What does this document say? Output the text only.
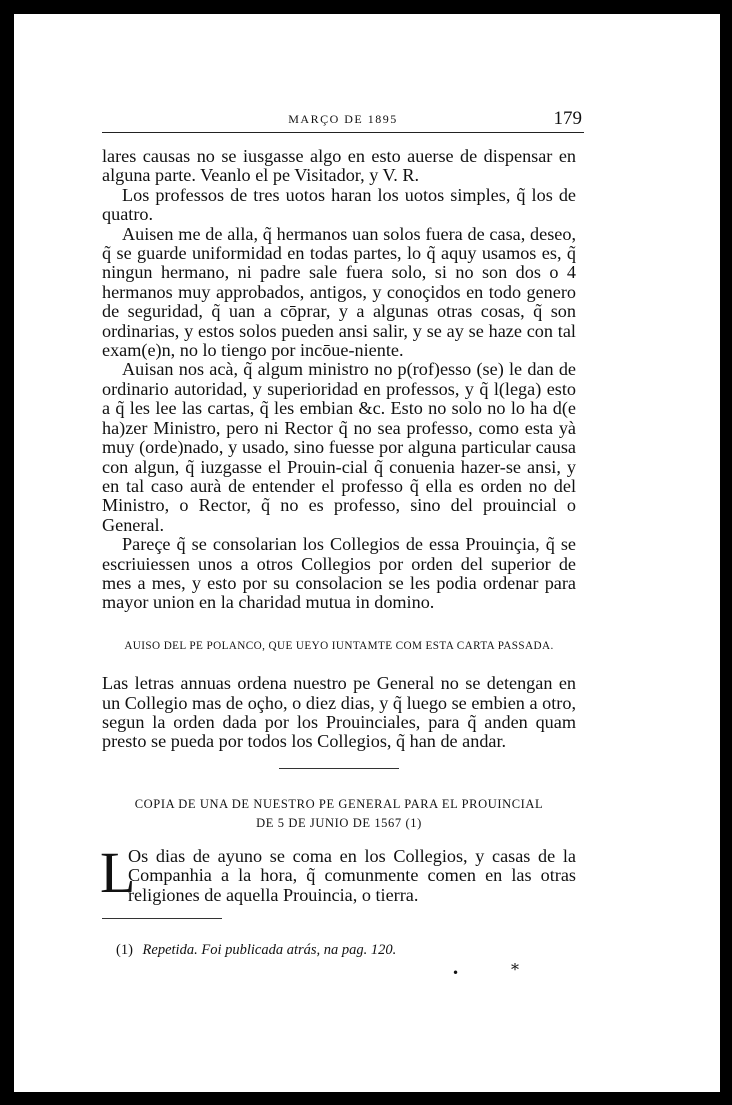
MARÇO DE 1895	179

lares causas no se iusgasse algo en esto auerse de dispensar en alguna parte. Veanlo el pe Visitador, y V. R.

Los professos de tres uotos haran los uotos simples, q̃ los de quatro.

Auisen me de alla, q̃ hermanos uan solos fuera de casa, deseo, q̃ se guarde uniformidad en todas partes, lo q̃ aquy usamos es, q̃ ningun hermano, ni padre sale fuera solo, si no son dos o 4 hermanos muy approbados, antigos, y conoçidos en todo genero de seguridad, q̃ uan a cōprar, y a algunas otras cosas, q̃ son ordinarias, y estos solos pueden ansi salir, y se ay se haze con tal exam(e)n, no lo tiengo por incōue-niente.

Auisan nos acà, q̃ algum ministro no p(rof)esso (se) le dan de ordinario autoridad, y superioridad en professos, y q̃ l(lega) esto a q̃ les lee las cartas, q̃ les embian &c. Esto no solo no lo ha d(e ha)zer Ministro, pero ni Rector q̃ no sea professo, como esta yà muy (orde)nado, y usado, sino fuesse por alguna particular causa con algun, q̃ iuzgasse el Prouin-cial q̃ conuenia hazer-se ansi, y en tal caso aurà de entender el professo q̃ ella es orden no del Ministro, o Rector, q̃ no es professo, sino del prouincial o General.

Pareçe q̃ se consolarian los Collegios de essa Prouinçia, q̃ se escriuiessen unos a otros Collegios por orden del superior de mes a mes, y esto por su consolacion se les podia ordenar para mayor union en la charidad mutua in domino.

AUISO DEL PE POLANCO, QUE UEYO IUNTAMTE COM ESTA CARTA PASSADA.

Las letras annuas ordena nuestro pe General no se detengan en un Collegio mas de oçho, o diez dias, y q̃ luego se embien a otro, segun la orden dada por los Prouinciales, para q̃ anden quam presto se pueda por todos los Collegios, q̃ han de andar.

COPIA DE UNA DE NUESTRO PE GENERAL PARA EL PROUINCIAL
DE 5 DE JUNIO DE 1567 (1)

L
Os dias de ayuno se coma en los Collegios, y casas de la Companhia a la hora, q̃ comunmente comen en las otras religiones de aquella Prouincia, o tierra.

(1) Repetida. Foi publicada atrás, na pag. 120.
•	*
